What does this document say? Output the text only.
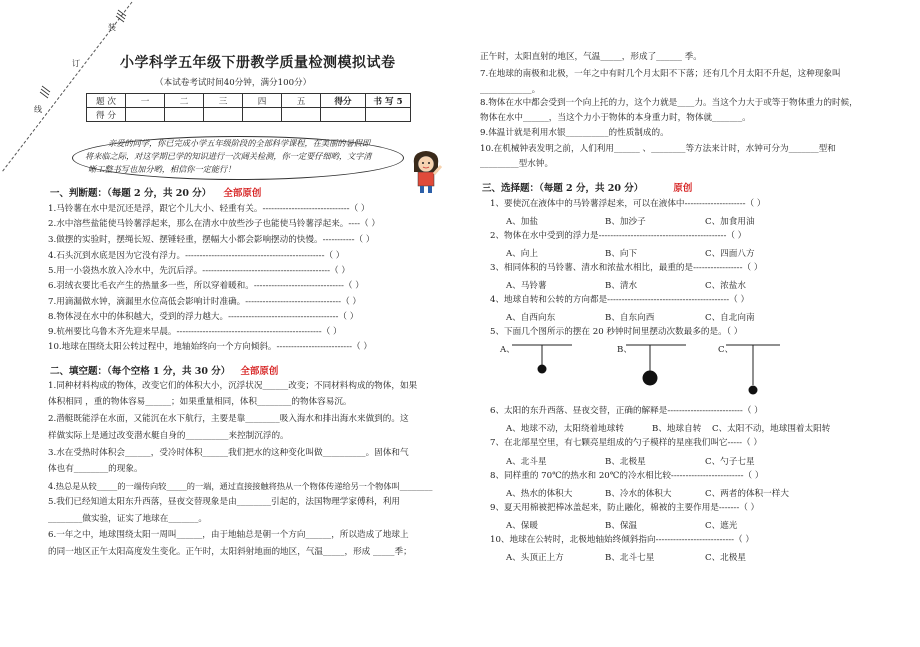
装
订
线
小学科学五年级下册教学质量检测模拟试卷
（本试卷考试时间40分钟，满分100分）
题 次	一	二	三	四	五	得分	书 写 5
得 分							
亲爱的同学，你已完成小学五年级阶段的全部科学课程，在美丽的暑假即
将来临之际，对这学期已学的知识进行一次阔关检测，你一定要仔细哟，文字清
晰工整书写也加分哟，相信你一定能行！
一、判断题：（每题 2 分，共 20 分） 全部原创
1.马铃薯在水中是沉还是浮，跟它个儿大小、轻重有关。------------------------------（ ）
2.水中溶些盐能使马铃薯浮起来，那么在清水中放些沙子也能使马铃薯浮起来。----（ ）
3.做摆的实验时，摆绳长短、摆锤轻重，摆幅大小都会影响摆动的快慢。-----------（ ）
4.石头沉到水底是因为它没有浮力。------------------------------------------------（ ）
5.用一小袋热水放入冷水中，先沉后浮。--------------------------------------------（ ）
6.羽绒衣要比毛衣产生的热量多一些，所以穿着暖和。-------------------------------（ ）
7.用滴漏做水钟，滴漏里水位高低会影响计时准确。---------------------------------（ ）
8.物体浸在水中的体积越大，受到的浮力越大。--------------------------------------（ ）
9.杭州要比乌鲁木齐先迎来早晨。--------------------------------------------------（ ）
10.地球在围绕太阳公转过程中，地轴始终向一个方向倾斜。--------------------------（ ）
二、填空题：（每个空格 1 分，共 30 分） 全部原创
1.同种材料构成的物体，改变它们的体积大小，沉浮状况______改变；不同材料构成的物体，如果
体积相同 ，重的物体容易______；如果重量相同，体积________的物体容易沉。
2.潜艇既能浮在水面，又能沉在水下航行，主要是靠________吸入海水和排出海水来做到的。这
样做实际上是通过改变潜水艇自身的__________来控制沉浮的。
3.水在受热时体积会______，受冷时体积______我们把水的这种变化叫做__________。固体和气
体也有________的现象。
4.热总是从较_____的一端传向较_____的一端，通过直接接触将热从一个物体传递给另一个物体叫________
5.我们已经知道太阳东升西落，昼夜交替现象是由________引起的，法国物理学家傅科，利用
________做实验，证实了地球在_______。
6.一年之中，地球围绕太阳一周叫______，由于地轴总是朝一个方向______，所以造成了地球上
的同一地区正午太阳高度发生变化。正午时，太阳斜射地面的地区，气温_____，形成 _____季；
正午时，太阳直射的地区，气温_____，形成了______ 季。
7.在地球的南极和北极，一年之中有时几个月太阳不下落；还有几个月太阳不升起，这种现象叫
____________。
8.物体在水中都会受到一个向上托的力，这个力就是____力。当这个力大于或等于物体重力的时候，
物体在水中______，当这个力小于物体的本身重力时，物体就_______。
9.体温计就是利用水银__________的性质制成的。
10.在机械钟表发明之前，人们利用______ 、________等方法来计时，水钟可分为_______型和
_________型水钟。
三、选择题：（每题 2 分，共 20 分）	原创
1、要使沉在液体中的马铃薯浮起来，可以在液体中---------------------（ ）
A、加盐	B、加沙子	C、加食用油
2、物体在水中受到的浮力是--------------------------------------------（ ）
A、向上	B、向下	C、四面八方
3、相同体积的马铃薯、清水和浓盐水相比，最重的是-----------------（ ）
A、马铃薯	B、清水	C、浓盐水
4、地球自转和公转的方向都是------------------------------------------（ ）
A、自西向东	B、自东向西	C、自北向南
5、下面几个图所示的摆在 20 秒钟时间里摆动次数最多的是。（ ）
A、	B、	C、
6、太阳的东升西落、昼夜交替，正确的解释是--------------------------（ ）
A、地球不动，太阳绕着地球转	B、地球自转 C、太阳不动，地球围着太阳转
7、在北部星空里，有七颗亮星组成的勺子模样的星座我们叫它-----（ ）
A、北斗星	B、北极星	C、勺子七星
8、同样重的 70℃的热水和 20℃的冷水相比较-------------------------（ ）
A、热水的体积大	B、冷水的体积大	C、两者的体积一样大
9、夏天用棉被把棒冰盖起来，防止融化，棉被的主要作用是-------（ ）
A、保暖	B、保温	C、遮光
10、地球在公转时，北极地轴始终倾斜指向---------------------------（ ）
A、头顶正上方	B、北斗七星	C、北极星
